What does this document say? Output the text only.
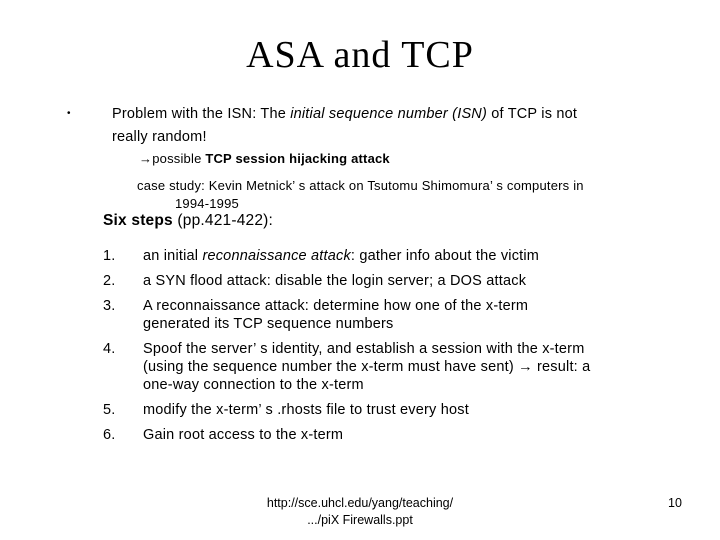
ASA and TCP
•	Problem with the ISN: The initial sequence number (ISN) of TCP is not
really random!
→possible TCP session hijacking attack
case study: Kevin Metnick’ s attack on Tsutomu Shimomura’ s computers in
1994-1995
Six steps (pp.421-422):
1.	an initial reconnaissance attack: gather info about the victim
2.	a SYN flood attack: disable the login server; a DOS attack
3.	A reconnaissance attack: determine how one of the x-term
generated its TCP sequence numbers
4.	Spoof the server’ s identity, and establish a session with the x-term
(using the sequence number the x-term must have sent) → result: a
one-way connection to the x-term
5.	modify the x-term’ s .rhosts file to trust every host
6.	Gain root access to the x-term
http://sce.uhcl.edu/yang/teaching/
.../piX Firewalls.ppt
10
